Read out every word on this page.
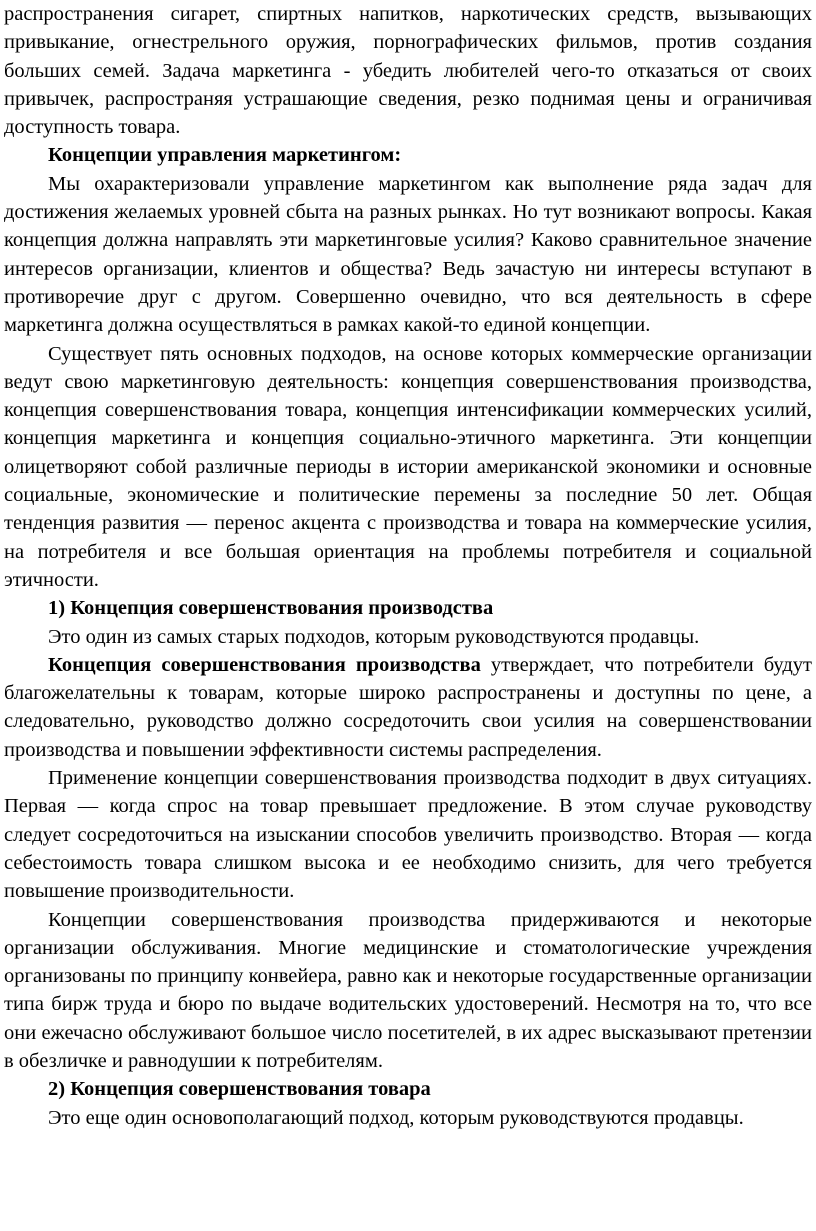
распространения сигарет, спиртных напитков, наркотических средств, вызывающих привыкание, огнестрельного оружия, порнографических фильмов, против создания больших семей. Задача маркетинга - убедить любителей чего-то отказаться от своих привычек, распространяя устрашающие сведения, резко поднимая цены и ограничивая доступность товара.

Концепции управления маркетингом:

Мы охарактеризовали управление маркетингом как выполнение ряда задач для достижения желаемых уровней сбыта на разных рынках. Но тут возникают вопросы. Какая концепция должна направлять эти маркетинговые усилия? Каково сравнительное значение интересов организации, клиентов и общества? Ведь зачастую ни интересы вступают в противоречие друг с другом. Совершенно очевидно, что вся деятельность в сфере маркетинга должна осуществляться в рамках какой-то единой концепции.

Существует пять основных подходов, на основе которых коммерческие организации ведут свою маркетинговую деятельность: концепция совершенствования производства, концепция совершенствования товара, концепция интенсификации коммерческих усилий, концепция маркетинга и концепция социально-этичного маркетинга. Эти концепции олицетворяют собой различные периоды в истории американской экономики и основные социальные, экономические и политические перемены за последние 50 лет. Общая тенденция развития — перенос акцента с производства и товара на коммерческие усилия, на потребителя и все большая ориентация на проблемы потребителя и социальной этичности.

1) Концепция совершенствования производства

Это один из самых старых подходов, которым руководствуются продавцы.

Концепция совершенствования производства утверждает, что потребители будут благожелательны к товарам, которые широко распространены и доступны по цене, а следовательно, руководство должно сосредоточить свои усилия на совершенствовании производства и повышении эффективности системы распределения.

Применение концепции совершенствования производства подходит в двух ситуациях. Первая — когда спрос на товар превышает предложение. В этом случае руководству следует сосредоточиться на изыскании способов увеличить производство. Вторая — когда себестоимость товара слишком высока и ее необходимо снизить, для чего требуется повышение производительности.

Концепции совершенствования производства придерживаются и некоторые организации обслуживания. Многие медицинские и стоматологические учреждения организованы по принципу конвейера, равно как и некоторые государственные организации типа бирж труда и бюро по выдаче водительских удостоверений. Несмотря на то, что все они ежечасно обслуживают большое число посетителей, в их адрес высказывают претензии в обезличке и равнодушии к потребителям.

2) Концепция совершенствования товара

Это еще один основополагающий подход, которым руководствуются продавцы.
